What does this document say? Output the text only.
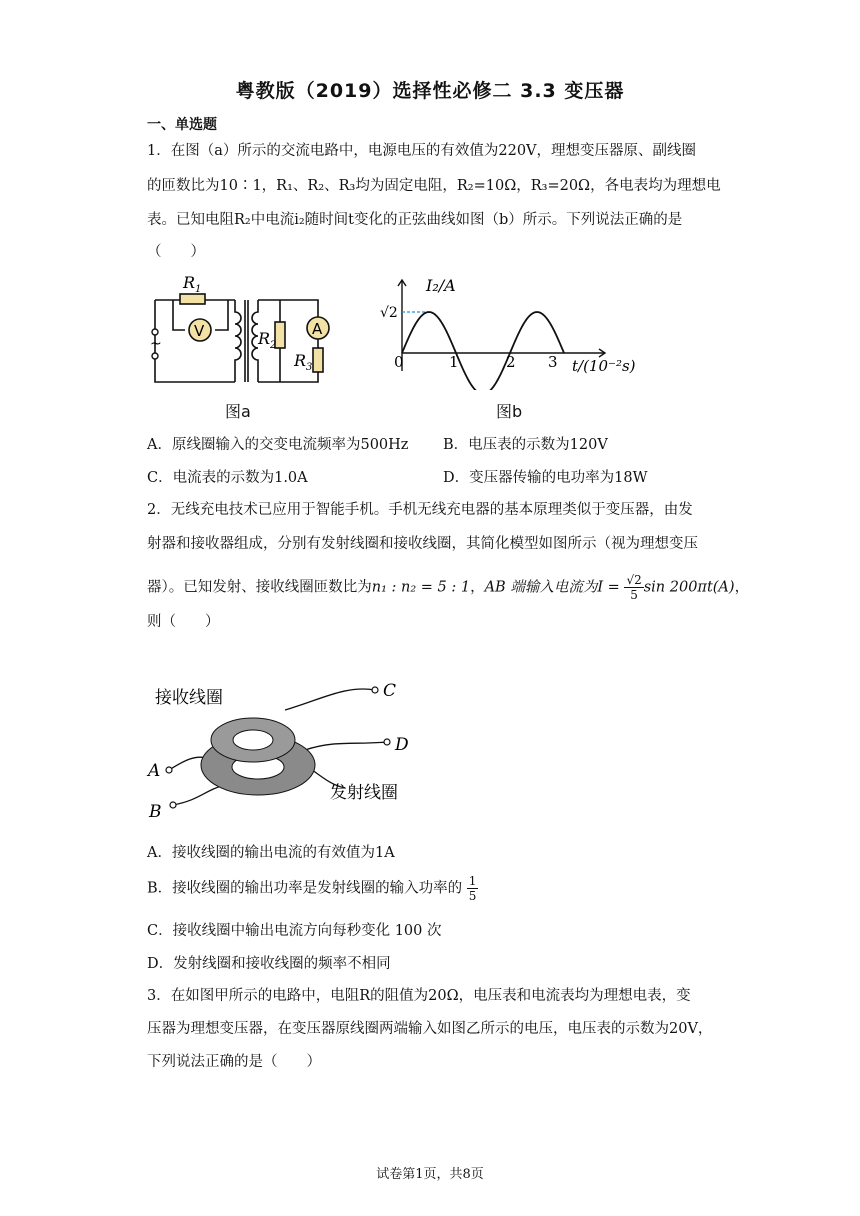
粤教版（2019）选择性必修二 3.3 变压器
一、单选题
1．在图（a）所示的交流电路中，电源电压的有效值为220V，理想变压器原、副线圈
的匝数比为10∶1，R₁、R₂、R₃均为固定电阻，R₂=10Ω，R₃=20Ω，各电表均为理想电
表。已知电阻R₂中电流i₂随时间t变化的正弦曲线如图（b）所示。下列说法正确的是
（　　）
~
$R_1$
V	$R_2$
A
$R_3$
图a
I₂/A
√2
0	1	2 3 t/(10⁻²s)
图b
A．原线圈输入的交变电流频率为500Hz B．电压表的示数为120V
C．电流表的示数为1.0A	D．变压器传输的电功率为18W
2．无线充电技术已应用于智能手机。手机无线充电器的基本原理类似于变压器，由发
射器和接收器组成，分别有发射线圈和接收线圈，其简化模型如图所示（视为理想变压
器）。已知发射、接收线圈匝数比为n₁ : n₂ = 5 : 1，AB 端输入电流为$I = \frac{√2}{5}$ sin 200πt(A)，
则（　　）
接收线圈
发射线圈
A
B
C
D
A．接收线圈的输出电流的有效值为1A
B．接收线圈的输出功率是发射线圈的输入功率的 $\frac{1}{5}$
C．接收线圈中输出电流方向每秒变化 100 次
D．发射线圈和接收线圈的频率不相同
3．在如图甲所示的电路中，电阻R的阻值为20Ω，电压表和电流表均为理想电表，变
压器为理想变压器，在变压器原线圈两端输入如图乙所示的电压，电压表的示数为20V，
下列说法正确的是（　　）
试卷第1页，共8页
